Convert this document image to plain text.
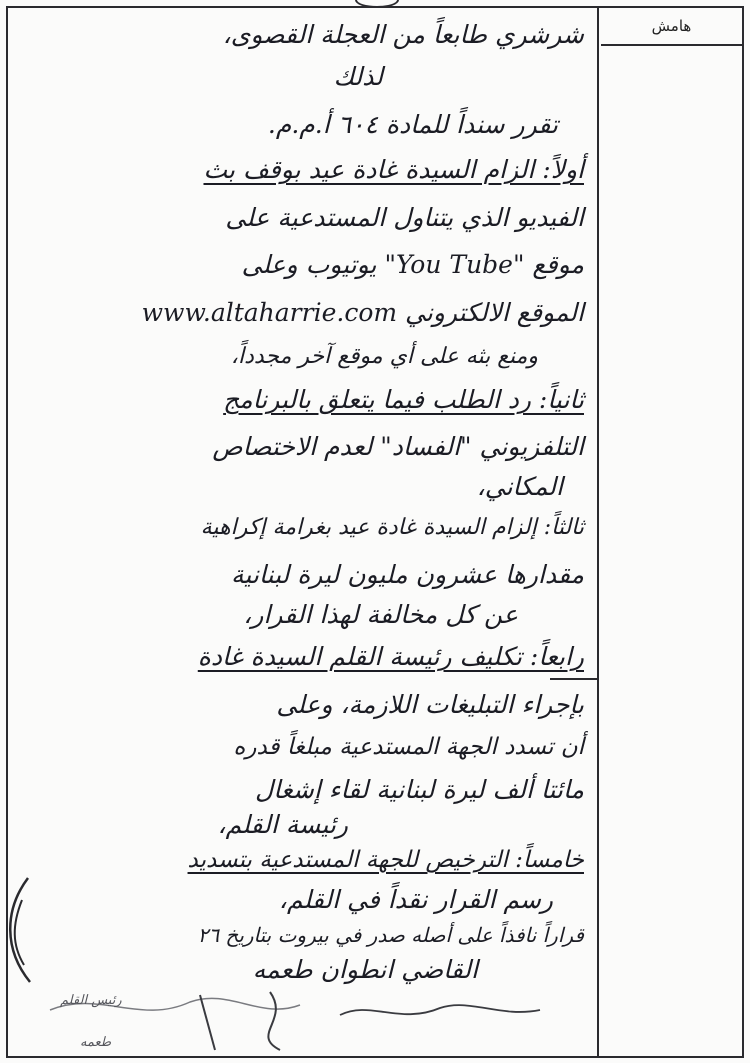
هامش
شرشري طابعاً من العجلة القصوى،
لذلك
تقرر سنداً للمادة ٦٠٤ أ.م.م.
أولاً: الزام السيدة غادة عيد بوقف بث
الفيديو الذي يتناول المستدعية على
موقع "You Tube" يوتيوب وعلى
الموقع الالكتروني www.altaharrie.com
ومنع بثه على أي موقع آخر مجدداً،
ثانياً: رد الطلب فيما يتعلق بالبرنامج
التلفزيوني "الفساد" لعدم الاختصاص
المكاني،
ثالثاً: إلزام السيدة غادة عيد بغرامة إكراهية
مقدارها عشرون مليون ليرة لبنانية
عن كل مخالفة لهذا القرار،
رابعاً: تكليف رئيسة القلم السيدة غادة
بإجراء التبليغات اللازمة، وعلى
أن تسدد الجهة المستدعية مبلغاً قدره
مائتا ألف ليرة لبنانية لقاء إشغال
رئيسة القلم،
خامساً: الترخيص للجهة المستدعية بتسديد
رسم القرار نقداً في القلم،
قراراً نافذاً على أصله صدر في بيروت بتاريخ ٢٦
القاضي انطوان طعمه
رئيس القلم
طعمه
